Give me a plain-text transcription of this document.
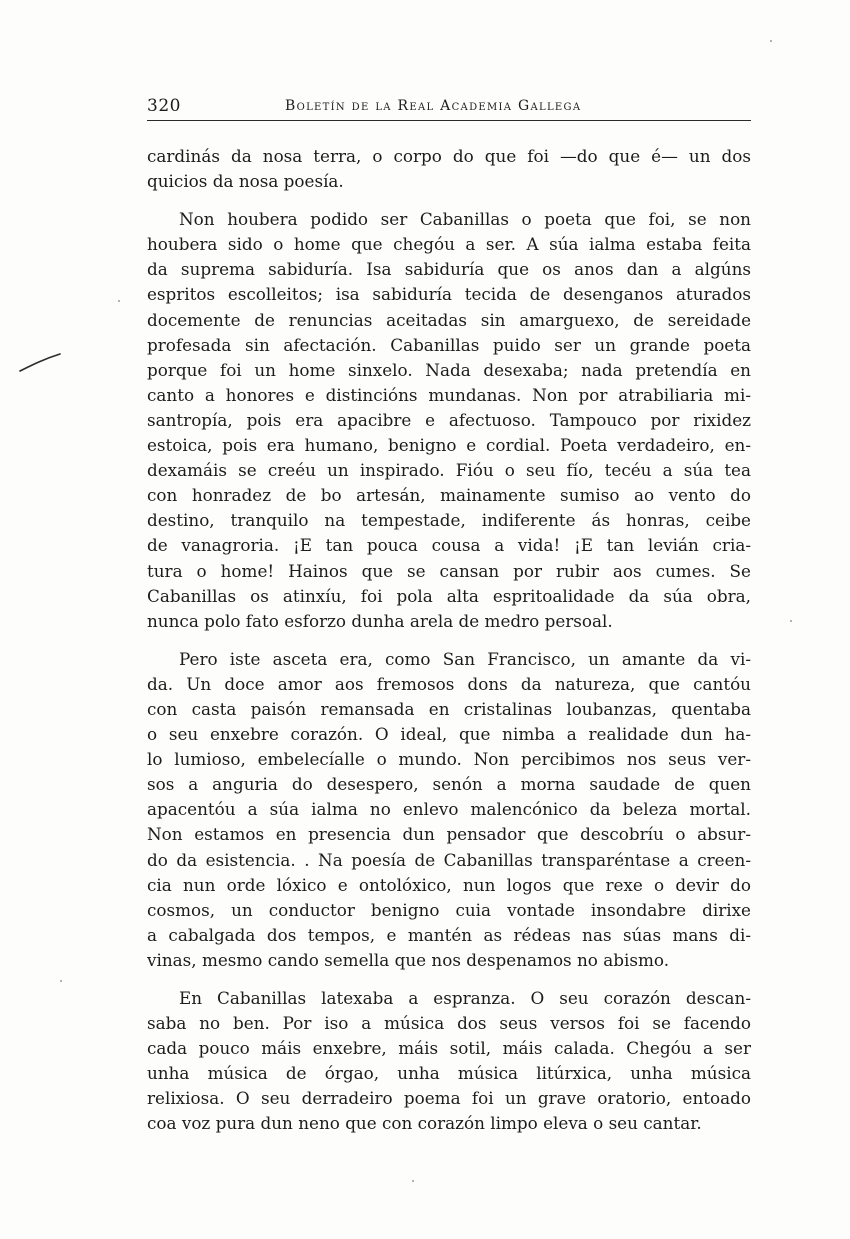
320	Boletín de la Real Academia Gallega
cardinás da nosa terra, o corpo do que foi —do que é— un dos
quicios da nosa poesía.
Non houbera podido ser Cabanillas o poeta que foi, se non
houbera sido o home que chegóu a ser. A súa ialma estaba feita
da suprema sabiduría. Isa sabiduría que os anos dan a algúns
espritos escolleitos; isa sabiduría tecida de desenganos aturados
docemente de renuncias aceitadas sin amarguexo, de sereidade
profesada sin afectación. Cabanillas puido ser un grande poeta
porque foi un home sinxelo. Nada desexaba; nada pretendía en
canto a honores e distincións mundanas. Non por atrabiliaria mi-
santropía, pois era apacibre e afectuoso. Tampouco por rixidez
estoica, pois era humano, benigno e cordial. Poeta verdadeiro, en-
dexamáis se creéu un inspirado. Fióu o seu fío, tecéu a súa tea
con honradez de bo artesán, mainamente sumiso ao vento do
destino, tranquilo na tempestade, indiferente ás honras, ceibe
de vanagroria. ¡E tan pouca cousa a vida! ¡E tan levián cria-
tura o home! Hainos que se cansan por rubir aos cumes. Se
Cabanillas os atinxíu, foi pola alta espritoalidade da súa obra,
nunca polo fato esforzo dunha arela de medro persoal.
Pero iste asceta era, como San Francisco, un amante da vi-
da. Un doce amor aos fremosos dons da natureza, que cantóu
con casta paisón remansada en cristalinas loubanzas, quentaba
o seu enxebre corazón. O ideal, que nimba a realidade dun ha-
lo lumioso, embelecíalle o mundo. Non percibimos nos seus ver-
sos a anguria do desespero, senón a morna saudade de quen
apacentóu a súa ialma no enlevo malencónico da beleza mortal.
Non estamos en presencia dun pensador que descobríu o absur-
do da esistencia. . Na poesía de Cabanillas transparéntase a creen-
cia nun orde lóxico e ontolóxico, nun logos que rexe o devir do
cosmos, un conductor benigno cuia vontade insondabre dirixe
a cabalgada dos tempos, e mantén as rédeas nas súas mans di-
vinas, mesmo cando semella que nos despenamos no abismo.
En Cabanillas latexaba a espranza. O seu corazón descan-
saba no ben. Por iso a música dos seus versos foi se facendo
cada pouco máis enxebre, máis sotil, máis calada. Chegóu a ser
unha música de órgao, unha música litúrxica, unha música
relixiosa. O seu derradeiro poema foi un grave oratorio, entoado
coa voz pura dun neno que con corazón limpo eleva o seu cantar.
